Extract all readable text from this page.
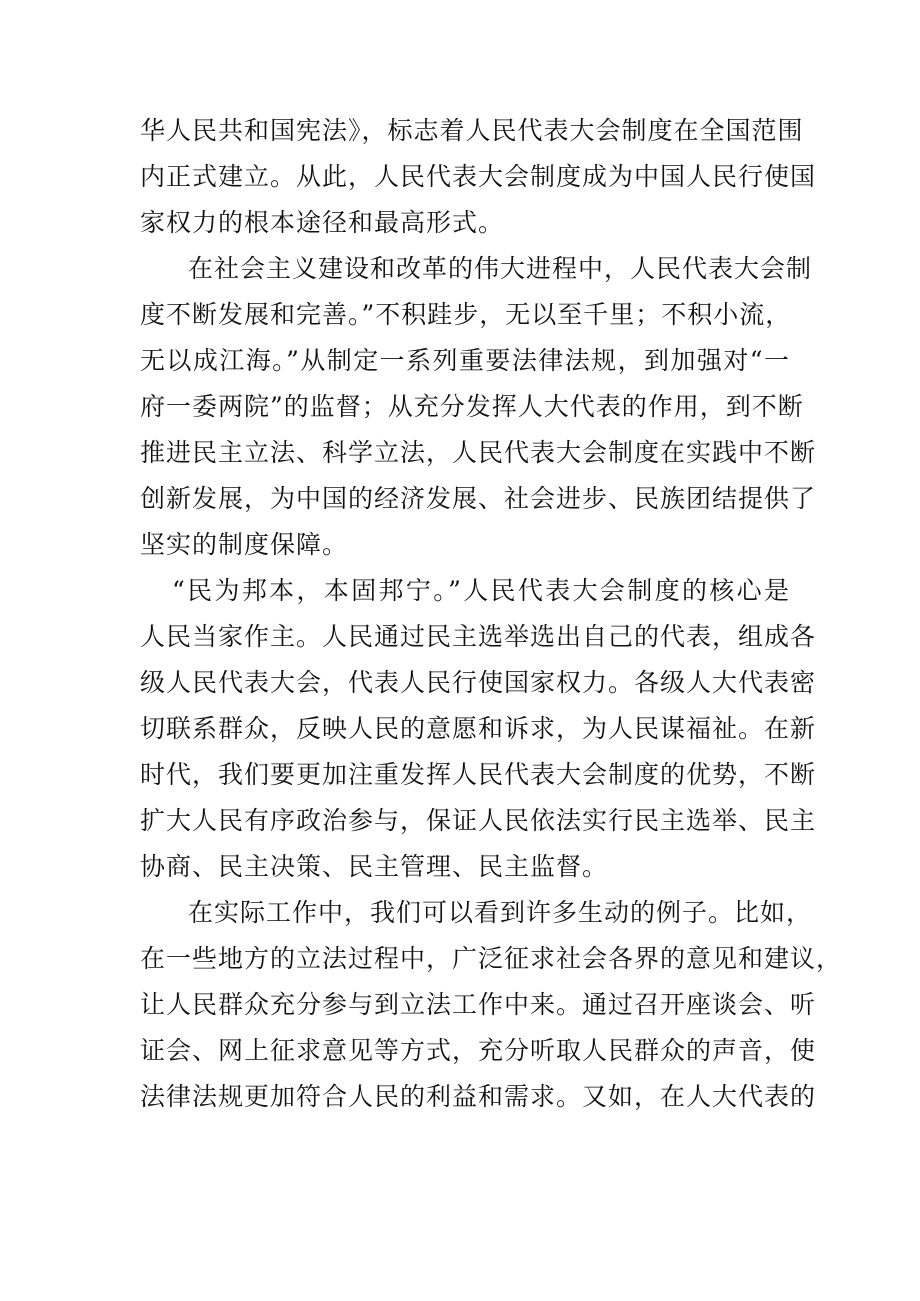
华人民共和国宪法》，标志着人民代表大会制度在全国范围
内正式建立。从此，人民代表大会制度成为中国人民行使国
家权力的根本途径和最高形式。
在社会主义建设和改革的伟大进程中，人民代表大会制
度不断发展和完善。”不积跬步，无以至千里；不积小流，
无以成江海。”从制定一系列重要法律法规，到加强对“一
府一委两院”的监督；从充分发挥人大代表的作用，到不断
推进民主立法、科学立法，人民代表大会制度在实践中不断
创新发展，为中国的经济发展、社会进步、民族团结提供了
坚实的制度保障。
“民为邦本，本固邦宁。”人民代表大会制度的核心是
人民当家作主。人民通过民主选举选出自己的代表，组成各
级人民代表大会，代表人民行使国家权力。各级人大代表密
切联系群众，反映人民的意愿和诉求，为人民谋福祉。在新
时代，我们要更加注重发挥人民代表大会制度的优势，不断
扩大人民有序政治参与，保证人民依法实行民主选举、民主
协商、民主决策、民主管理、民主监督。
在实际工作中，我们可以看到许多生动的例子。比如，
在一些地方的立法过程中，广泛征求社会各界的意见和建议，
让人民群众充分参与到立法工作中来。通过召开座谈会、听
证会、网上征求意见等方式，充分听取人民群众的声音，使
法律法规更加符合人民的利益和需求。又如，在人大代表的
